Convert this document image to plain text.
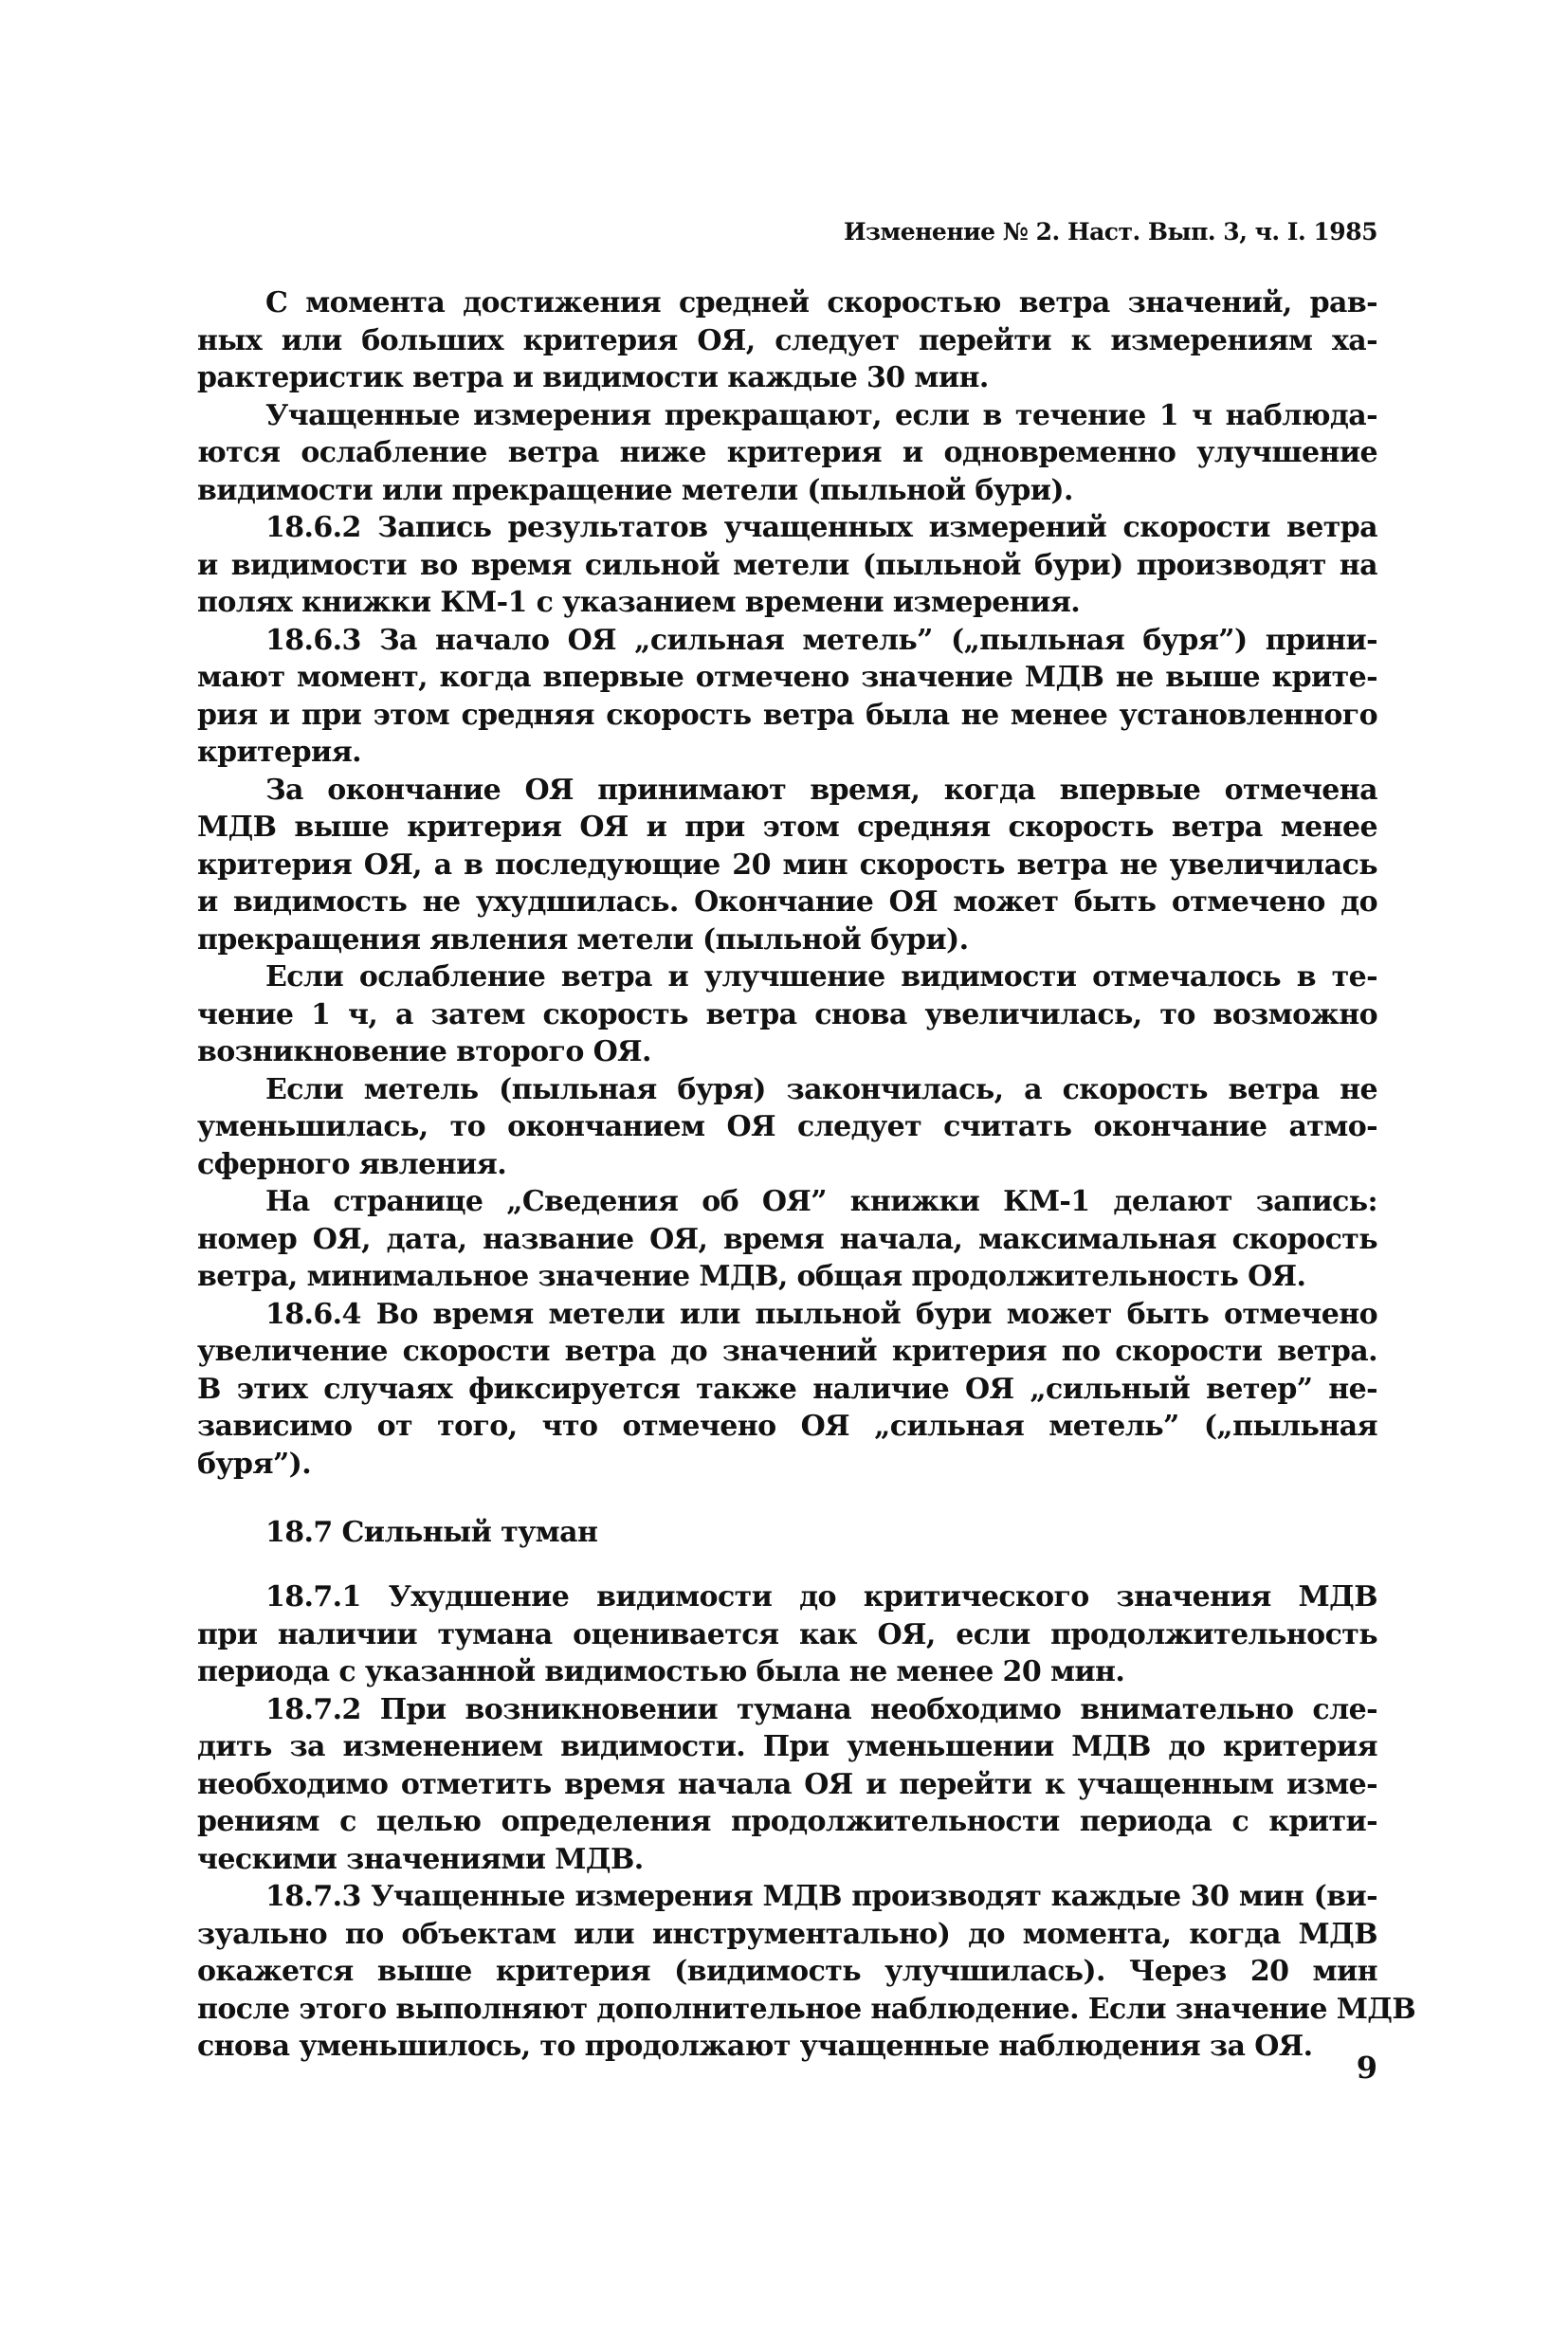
Изменение № 2. Наст. Вып. 3, ч. I. 1985
С момента достижения средней скоростью ветра значений, рав-
ных или больших критерия ОЯ, следует перейти к измерениям ха-
рактеристик ветра и видимости каждые 30 мин.
Учащенные измерения прекращают, если в течение 1 ч наблюда-
ются ослабление ветра ниже критерия и одновременно улучшение
видимости или прекращение метели (пыльной бури).
18.6.2 Запись результатов учащенных измерений скорости ветра
и видимости во время сильной метели (пыльной бури) производят на
полях книжки КМ-1 с указанием времени измерения.
18.6.3 За начало ОЯ „сильная метель” („пыльная буря”) прини-
мают момент, когда впервые отмечено значение МДВ не выше крите-
рия и при этом средняя скорость ветра была не менее установленного
критерия.
За окончание ОЯ принимают время, когда впервые отмечена
МДВ выше критерия ОЯ и при этом средняя скорость ветра менее
критерия ОЯ, а в последующие 20 мин скорость ветра не увеличилась
и видимость не ухудшилась. Окончание ОЯ может быть отмечено до
прекращения явления метели (пыльной бури).
Если ослабление ветра и улучшение видимости отмечалось в те-
чение 1 ч, а затем скорость ветра снова увеличилась, то возможно
возникновение второго ОЯ.
Если метель (пыльная буря) закончилась, а скорость ветра не
уменьшилась, то окончанием ОЯ следует считать окончание атмо-
сферного явления.
На странице „Сведения об ОЯ” книжки КМ-1 делают запись:
номер ОЯ, дата, название ОЯ, время начала, максимальная скорость
ветра, минимальное значение МДВ, общая продолжительность ОЯ.
18.6.4 Во время метели или пыльной бури может быть отмечено
увеличение скорости ветра до значений критерия по скорости ветра.
В этих случаях фиксируется также наличие ОЯ „сильный ветер” не-
зависимо от того, что отмечено ОЯ „сильная метель” („пыльная
буря”).
18.7 Сильный туман
18.7.1 Ухудшение видимости до критического значения МДВ
при наличии тумана оценивается как ОЯ, если продолжительность
периода с указанной видимостью была не менее 20 мин.
18.7.2 При возникновении тумана необходимо внимательно сле-
дить за изменением видимости. При уменьшении МДВ до критерия
необходимо отметить время начала ОЯ и перейти к учащенным изме-
рениям с целью определения продолжительности периода с крити-
ческими значениями МДВ.
18.7.3 Учащенные измерения МДВ производят каждые 30 мин (ви-
зуально по объектам или инструментально) до момента, когда МДВ
окажется выше критерия (видимость улучшилась). Через 20 мин
после этого выполняют дополнительное наблюдение. Если значение МДВ
снова уменьшилось, то продолжают учащенные наблюдения за ОЯ.
9
